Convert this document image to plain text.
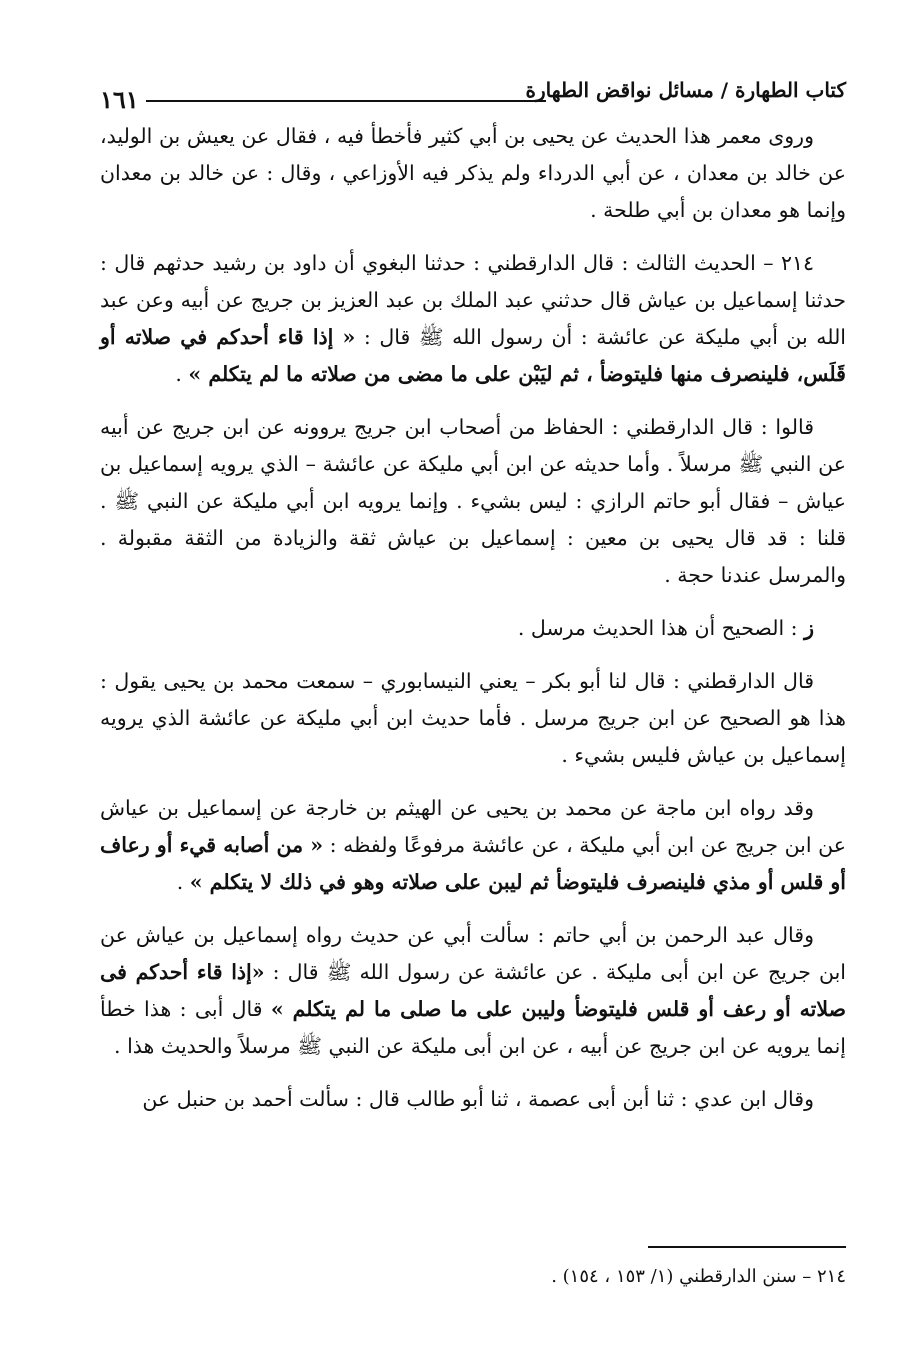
١٦١	كتاب الطهارة / مسائل نواقض الطهارة

وروى معمر هذا الحديث عن يحيى بن أبي كثير فأخطأ فيه ، فقال عن يعيش بن الوليد، عن خالد بن معدان ، عن أبي الدرداء ولم يذكر فيه الأوزاعي ، وقال : عن خالد بن معدان وإنما هو معدان بن أبي طلحة .

٢١٤ – الحديث الثالث : قال الدارقطني : حدثنا البغوي أن داود بن رشيد حدثهم قال : حدثنا إسماعيل بن عياش قال حدثني عبد الملك بن عبد العزيز بن جريج عن أبيه وعن عبد الله بن أبي مليكة عن عائشة : أن رسول الله ﷺ قال : « إذا قاء أحدكم في صلاته أو قَلَس، فلينصرف منها فليتوضأ ، ثم ليَبْن على ما مضى من صلاته ما لم يتكلم » .

قالوا : قال الدارقطني : الحفاظ من أصحاب ابن جريج يروونه عن ابن جريج عن أبيه عن النبي ﷺ مرسلاً . وأما حديثه عن ابن أبي مليكة عن عائشة – الذي يرويه إسماعيل بن عياش – فقال أبو حاتم الرازي : ليس بشيء . وإنما يرويه ابن أبي مليكة عن النبي ﷺ . قلنا : قد قال يحيى بن معين : إسماعيل بن عياش ثقة والزيادة من الثقة مقبولة . والمرسل عندنا حجة .

ز : الصحيح أن هذا الحديث مرسل .

قال الدارقطني : قال لنا أبو بكر – يعني النيسابوري – سمعت محمد بن يحيى يقول : هذا هو الصحيح عن ابن جريج مرسل . فأما حديث ابن أبي مليكة عن عائشة الذي يرويه إسماعيل بن عياش فليس بشيء .

وقد رواه ابن ماجة عن محمد بن يحيى عن الهيثم بن خارجة عن إسماعيل بن عياش عن ابن جريج عن ابن أبي مليكة ، عن عائشة مرفوعًا ولفظه : « من أصابه قيء أو رعاف أو قلس أو مذي فلينصرف فليتوضأ ثم ليبن على صلاته وهو في ذلك لا يتكلم » .

وقال عبد الرحمن بن أبي حاتم : سألت أبي عن حديث رواه إسماعيل بن عياش عن ابن جريج عن ابن أبى مليكة . عن عائشة عن رسول الله ﷺ قال : «إذا قاء أحدكم فى صلاته أو رعف أو قلس فليتوضأ وليبن على ما صلى ما لم يتكلم » قال أبى : هذا خطأ إنما يرويه عن ابن جريج عن أبيه ، عن ابن أبى مليكة عن النبي ﷺ مرسلاً والحديث هذا .

وقال ابن عدي : ثنا أبن أبى عصمة ، ثنا أبو طالب قال : سألت أحمد بن حنبل عن

٢١٤ – سنن الدارقطني (١/ ١٥٣ ، ١٥٤) .
